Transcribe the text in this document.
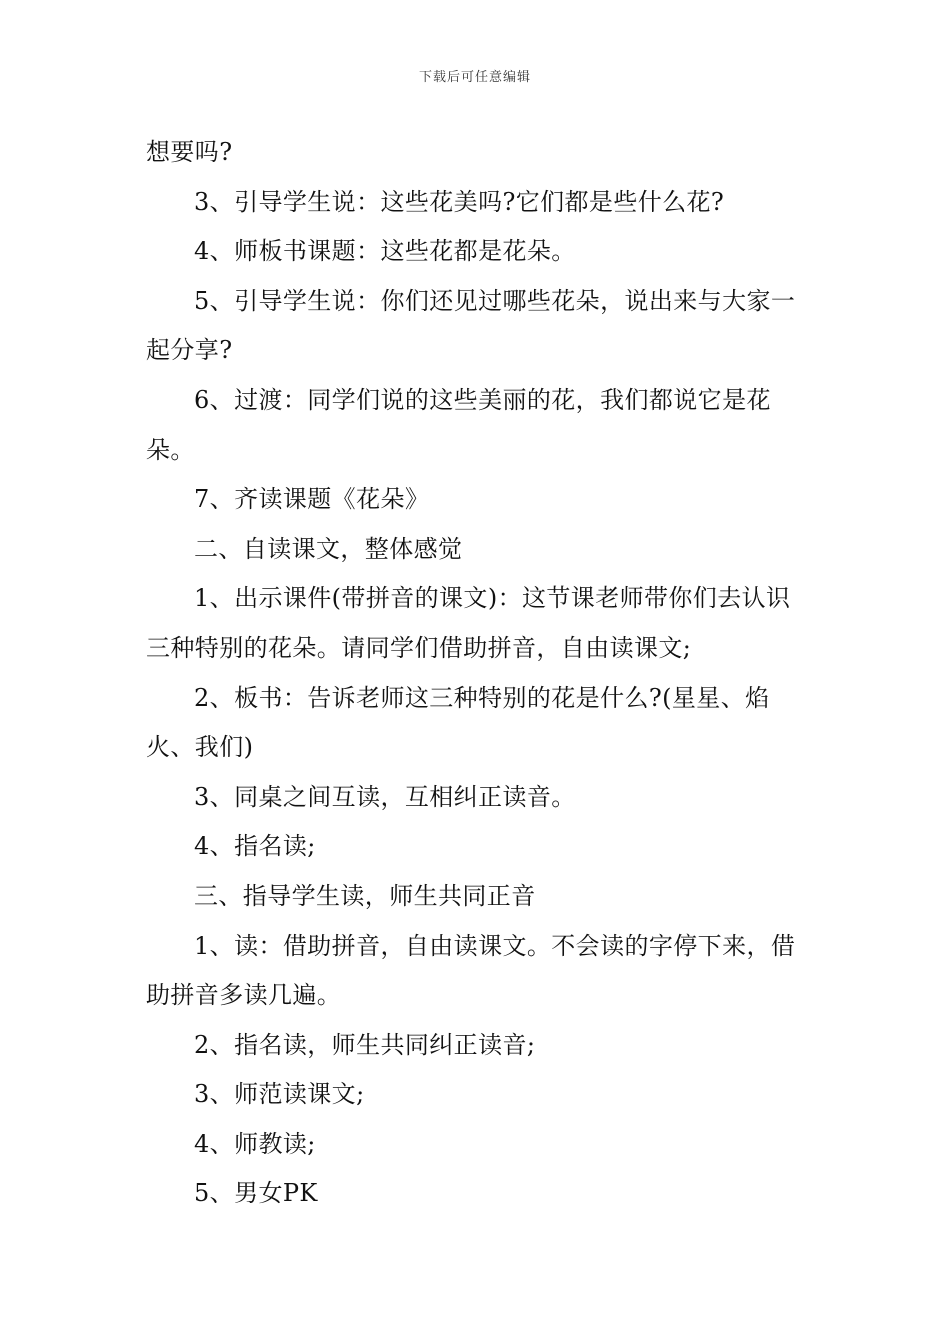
下载后可任意编辑

想要吗?

3、引导学生说：这些花美吗?它们都是些什么花?

4、师板书课题：这些花都是花朵。

5、引导学生说：你们还见过哪些花朵，说出来与大家一起分享?

6、过渡：同学们说的这些美丽的花，我们都说它是花朵。

7、齐读课题《花朵》

二、自读课文，整体感觉

1、出示课件(带拼音的课文)：这节课老师带你们去认识三种特别的花朵。请同学们借助拼音，自由读课文;

2、板书：告诉老师这三种特别的花是什么?(星星、焰火、我们)

3、同桌之间互读，互相纠正读音。

4、指名读;

三、指导学生读，师生共同正音

1、读：借助拼音，自由读课文。不会读的字停下来，借助拼音多读几遍。

2、指名读，师生共同纠正读音;

3、师范读课文;

4、师教读;

5、男女PK
